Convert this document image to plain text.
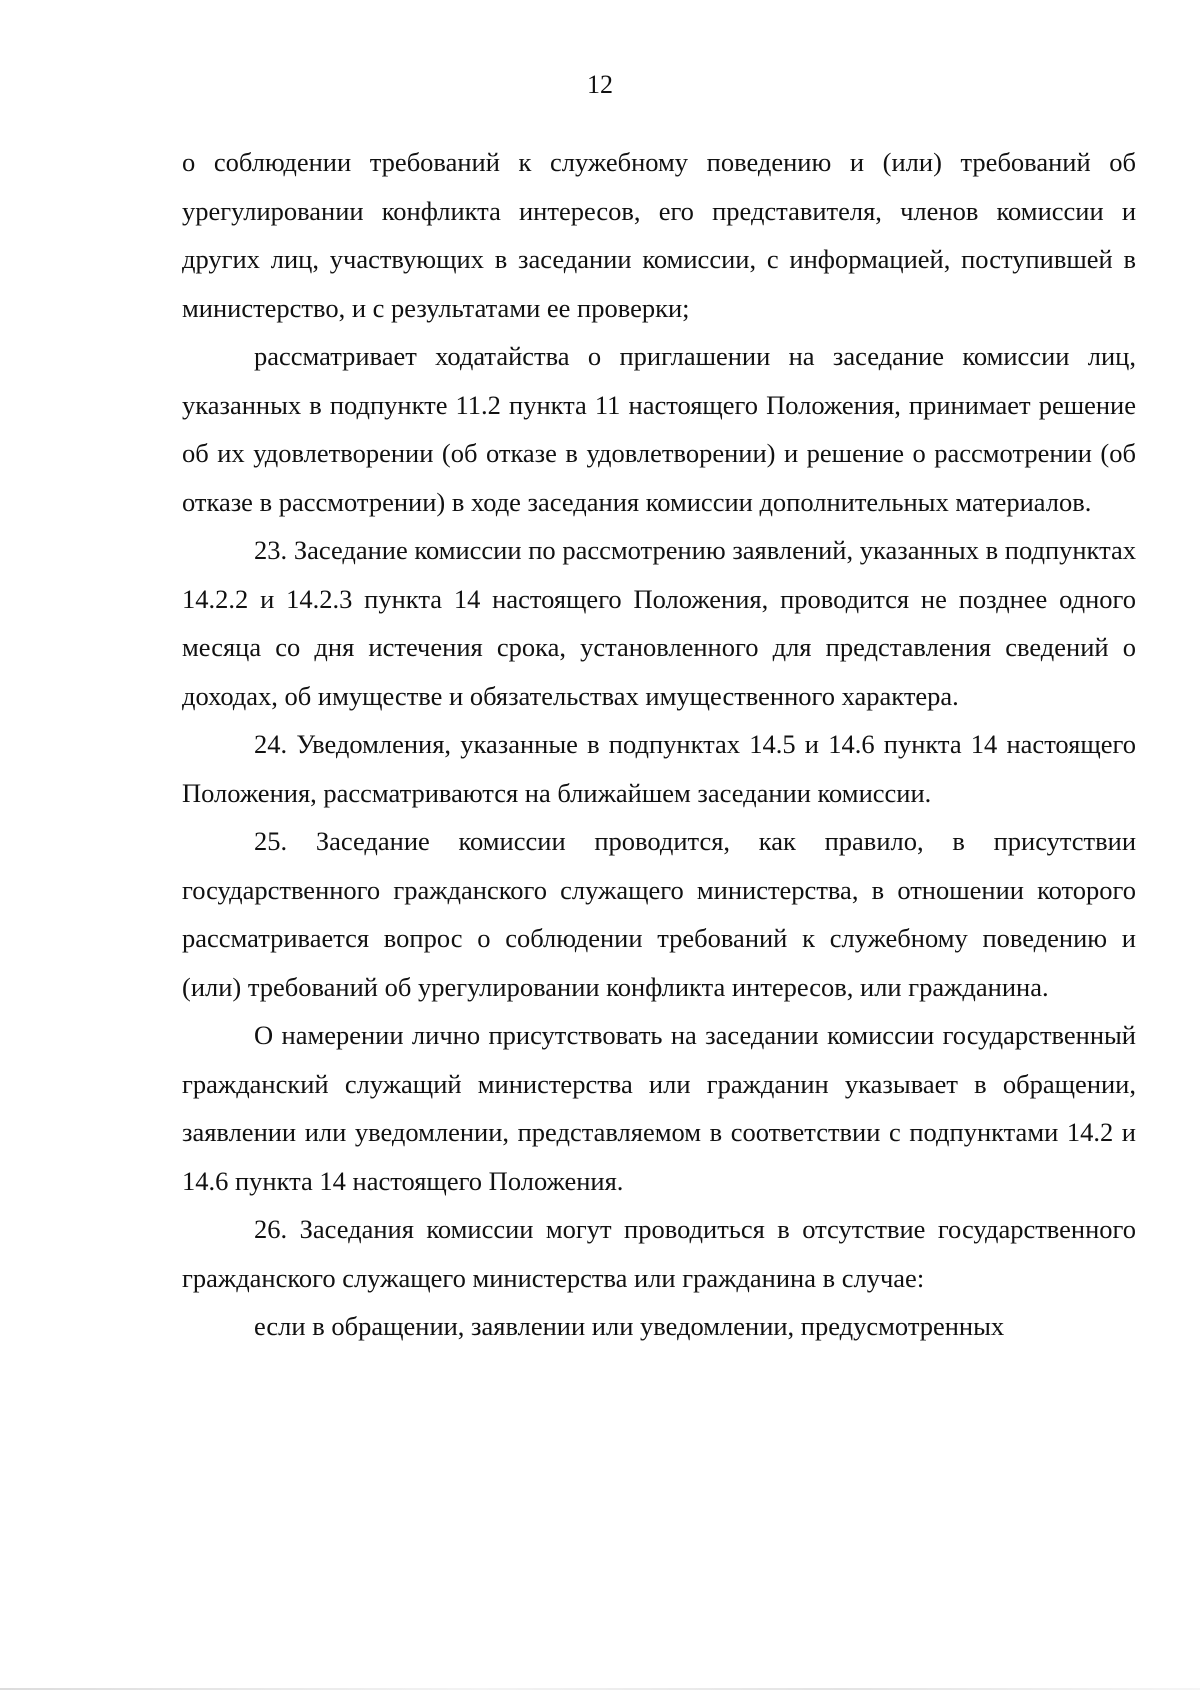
12

о соблюдении требований к служебному поведению и (или) требований об урегулировании конфликта интересов, его представителя, членов комиссии и других лиц, участвующих в заседании комиссии, с информацией, поступившей в министерство, и с результатами ее проверки;

рассматривает ходатайства о приглашении на заседание комиссии лиц, указанных в подпункте 11.2 пункта 11 настоящего Положения, принимает решение об их удовлетворении (об отказе в удовлетворении) и решение о рассмотрении (об отказе в рассмотрении) в ходе заседания комиссии дополнительных материалов.

23. Заседание комиссии по рассмотрению заявлений, указанных в подпунктах 14.2.2 и 14.2.3 пункта 14 настоящего Положения, проводится не позднее одного месяца со дня истечения срока, установленного для представления сведений о доходах, об имуществе и обязательствах имущественного характера.

24. Уведомления, указанные в подпунктах 14.5 и 14.6 пункта 14 настоящего Положения, рассматриваются на ближайшем заседании комиссии.

25. Заседание комиссии проводится, как правило, в присутствии государственного гражданского служащего министерства, в отношении которого рассматривается вопрос о соблюдении требований к служебному поведению и (или) требований об урегулировании конфликта интересов, или гражданина.

О намерении лично присутствовать на заседании комиссии государственный гражданский служащий министерства или гражданин указывает в обращении, заявлении или уведомлении, представляемом в соответствии с подпунктами 14.2 и 14.6 пункта 14 настоящего Положения.

26. Заседания комиссии могут проводиться в отсутствие государственного гражданского служащего министерства или гражданина в случае:

если в обращении, заявлении или уведомлении, предусмотренных
